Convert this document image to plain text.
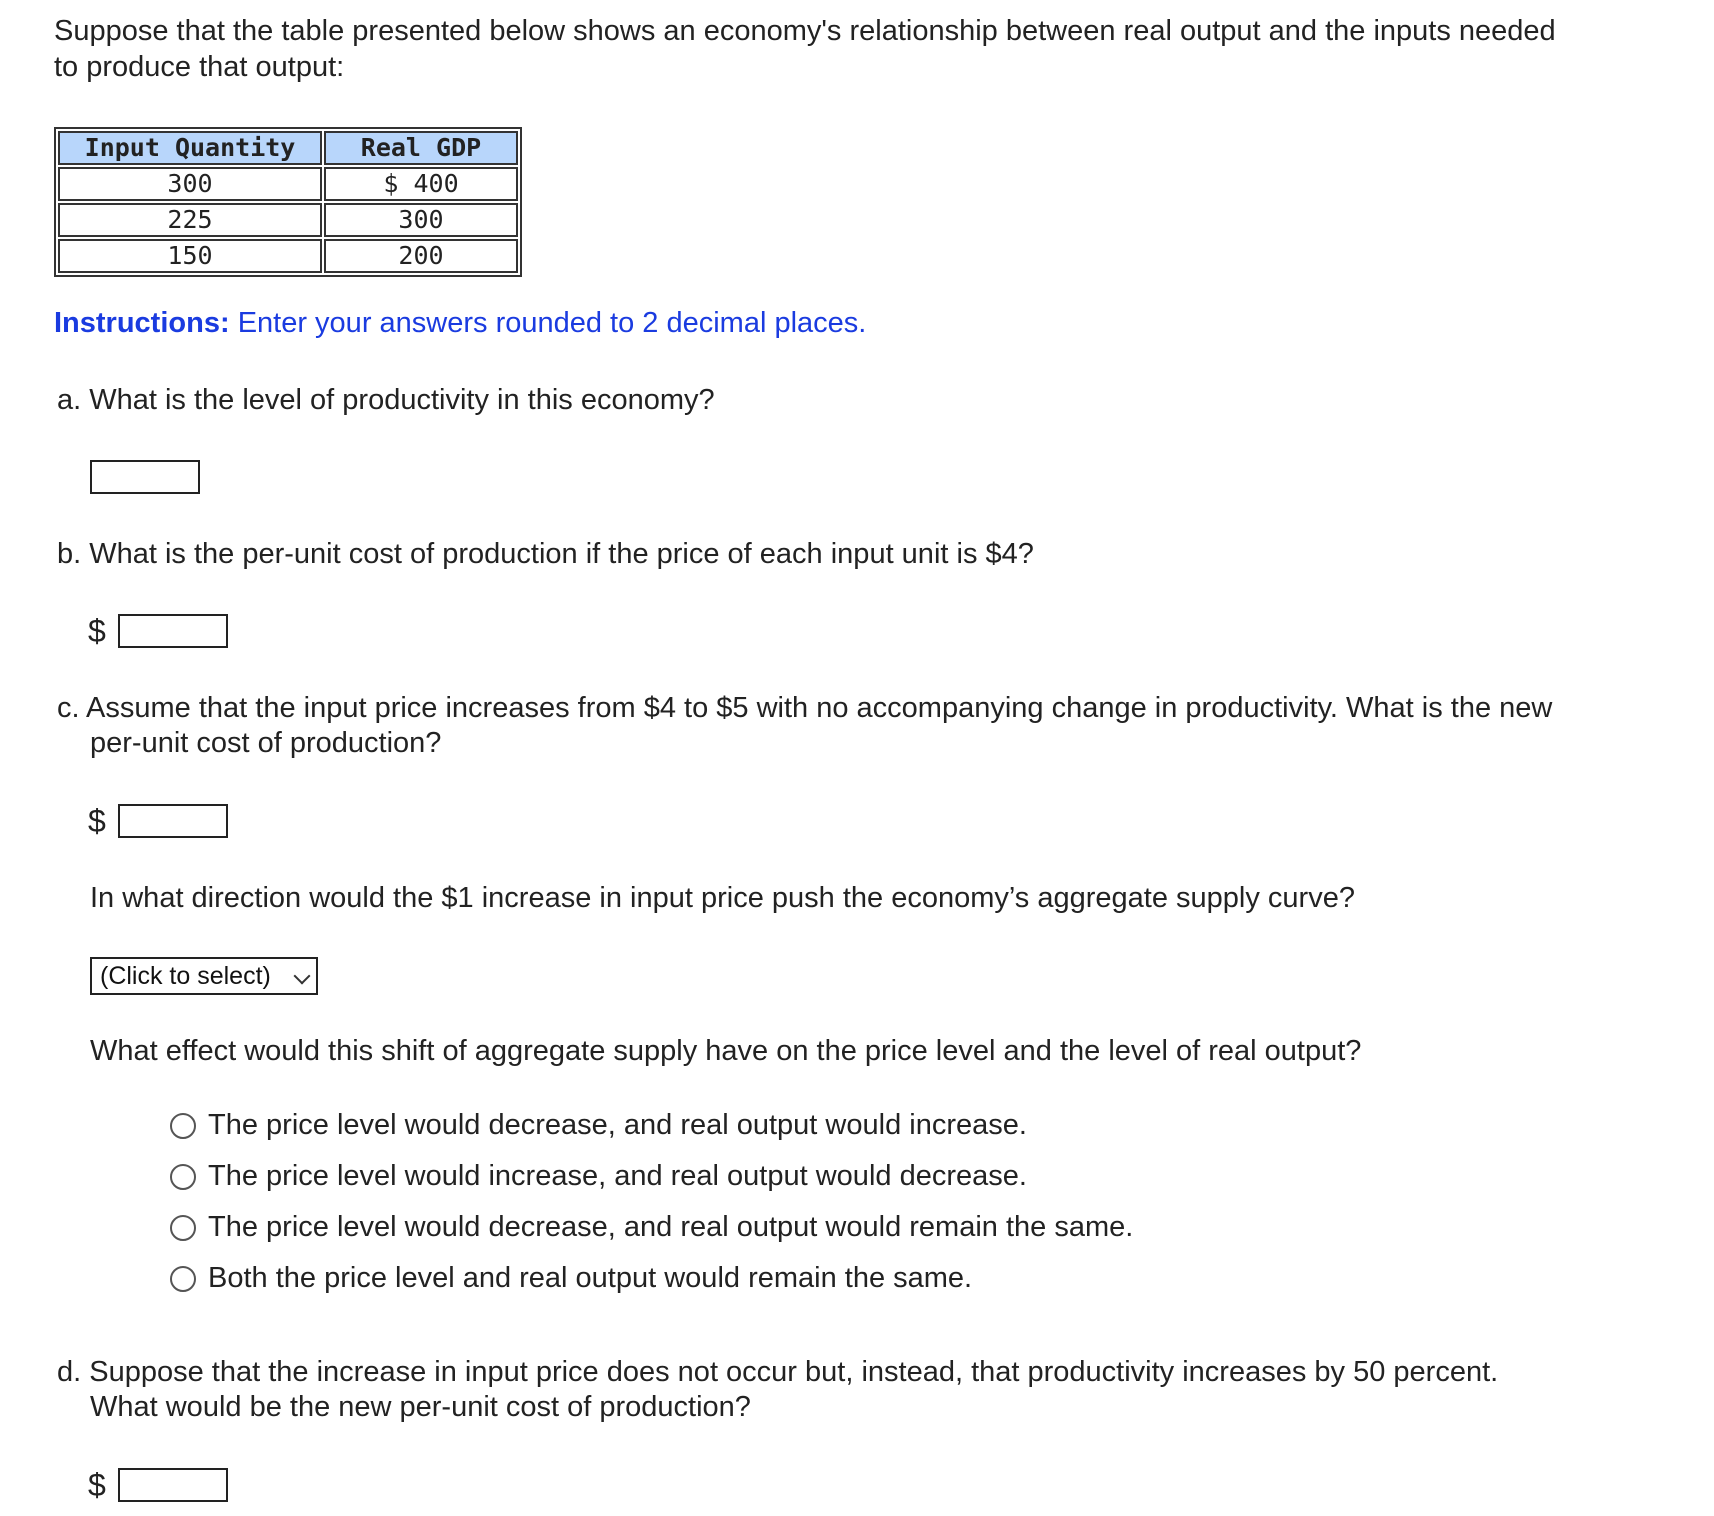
Suppose that the table presented below shows an economy's relationship between real output and the inputs needed
to produce that output:
Input Quantity	Real GDP
300	$ 400
225	300
150	200
Instructions: Enter your answers rounded to 2 decimal places.
a. What is the level of productivity in this economy?
b. What is the per-unit cost of production if the price of each input unit is $4?
$
c. Assume that the input price increases from $4 to $5 with no accompanying change in productivity. What is the new
per-unit cost of production?
$
In what direction would the $1 increase in input price push the economy’s aggregate supply curve?
(Click to select)
What effect would this shift of aggregate supply have on the price level and the level of real output?
The price level would decrease, and real output would increase.
The price level would increase, and real output would decrease.
The price level would decrease, and real output would remain the same.
Both the price level and real output would remain the same.
d. Suppose that the increase in input price does not occur but, instead, that productivity increases by 50 percent.
What would be the new per-unit cost of production?
$
